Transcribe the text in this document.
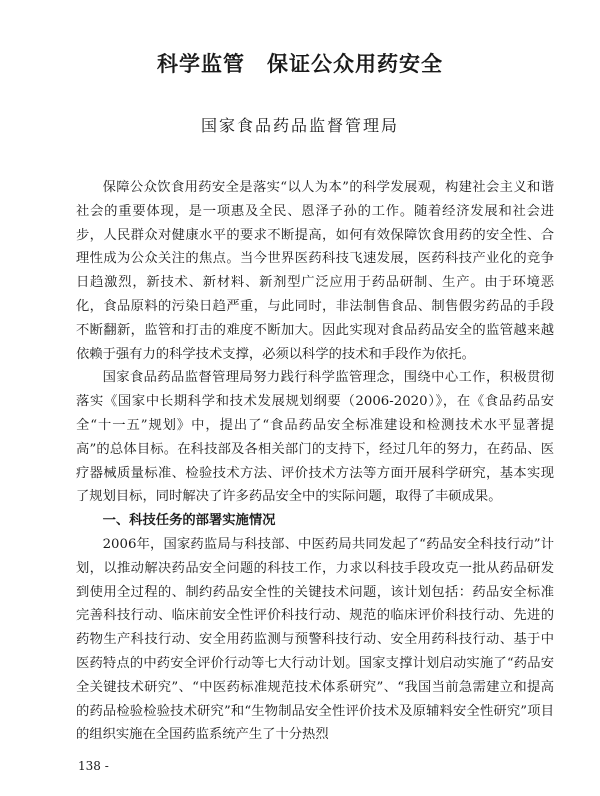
科学监管　保证公众用药安全
国家食品药品监督管理局

保障公众饮食用药安全是落实“以人为本”的科学发展观，构建社会主义和谐社会的重要体现，是一项惠及全民、恩泽子孙的工作。随着经济发展和社会进步，人民群众对健康水平的要求不断提高，如何有效保障饮食用药的安全性、合理性成为公众关注的焦点。当今世界医药科技飞速发展，医药科技产业化的竞争日趋激烈，新技术、新材料、新剂型广泛应用于药品研制、生产。由于环境恶化，食品原料的污染日趋严重，与此同时，非法制售食品、制售假劣药品的手段不断翻新，监管和打击的难度不断加大。因此实现对食品药品安全的监管越来越依赖于强有力的科学技术支撑，必须以科学的技术和手段作为依托。

国家食品药品监督管理局努力践行科学监管理念，围绕中心工作，积极贯彻落实《国家中长期科学和技术发展规划纲要（2006-2020）》，在《食品药品安全“十一五”规划》中，提出了“食品药品安全标准建设和检测技术水平显著提高”的总体目标。在科技部及各相关部门的支持下，经过几年的努力，在药品、医疗器械质量标准、检验技术方法、评价技术方法等方面开展科学研究，基本实现了规划目标，同时解决了许多药品安全中的实际问题，取得了丰硕成果。

一、科技任务的部署实施情况

2006年，国家药监局与科技部、中医药局共同发起了“药品安全科技行动”计划，以推动解决药品安全问题的科技工作，力求以科技手段攻克一批从药品研发到使用全过程的、制约药品安全性的关键技术问题，该计划包括：药品安全标准完善科技行动、临床前安全性评价科技行动、规范的临床评价科技行动、先进的药物生产科技行动、安全用药监测与预警科技行动、安全用药科技行动、基于中医药特点的中药安全评价行动等七大行动计划。国家支撑计划启动实施了“药品安全关键技术研究”、“中医药标准规范技术体系研究”、“我国当前急需建立和提高的药品检验检验技术研究”和“生物制品安全性评价技术及原辅料安全性研究”项目的组织实施在全国药监系统产生了十分热烈

138 -
